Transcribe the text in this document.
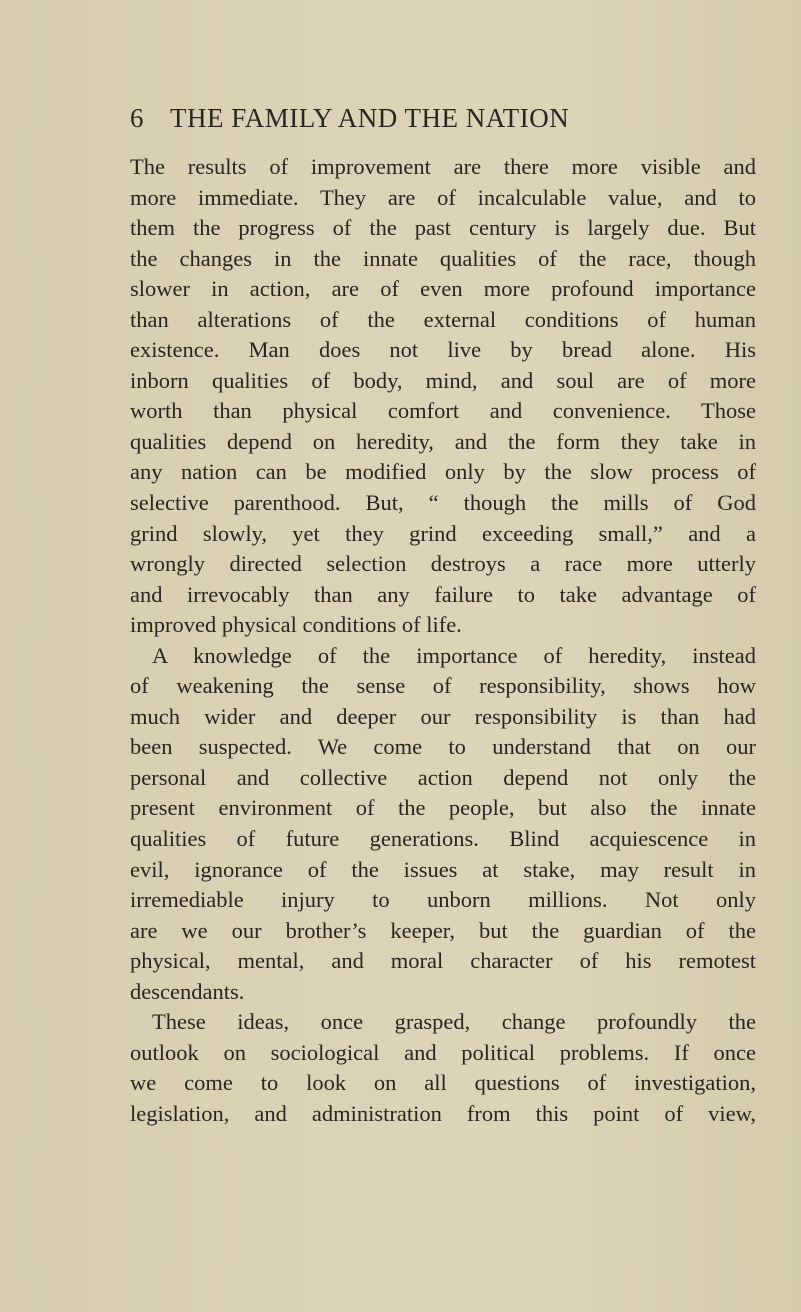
6 THE FAMILY AND THE NATION
The results of improvement are there more visible and
more immediate. They are of incalculable value, and to
them the progress of the past century is largely due. But
the changes in the innate qualities of the race, though
slower in action, are of even more profound importance
than alterations of the external conditions of human
existence. Man does not live by bread alone. His
inborn qualities of body, mind, and soul are of more
worth than physical comfort and convenience. Those
qualities depend on heredity, and the form they take in
any nation can be modified only by the slow process of
selective parenthood. But, “ though the mills of God
grind slowly, yet they grind exceeding small,” and a
wrongly directed selection destroys a race more utterly
and irrevocably than any failure to take advantage of
improved physical conditions of life.
A knowledge of the importance of heredity, instead
of weakening the sense of responsibility, shows how
much wider and deeper our responsibility is than had
been suspected. We come to understand that on our
personal and collective action depend not only the
present environment of the people, but also the innate
qualities of future generations. Blind acquiescence in
evil, ignorance of the issues at stake, may result in
irremediable injury to unborn millions. Not only
are we our brother’s keeper, but the guardian of the
physical, mental, and moral character of his remotest
descendants.
These ideas, once grasped, change profoundly the
outlook on sociological and political problems. If once
we come to look on all questions of investigation,
legislation, and administration from this point of view,
